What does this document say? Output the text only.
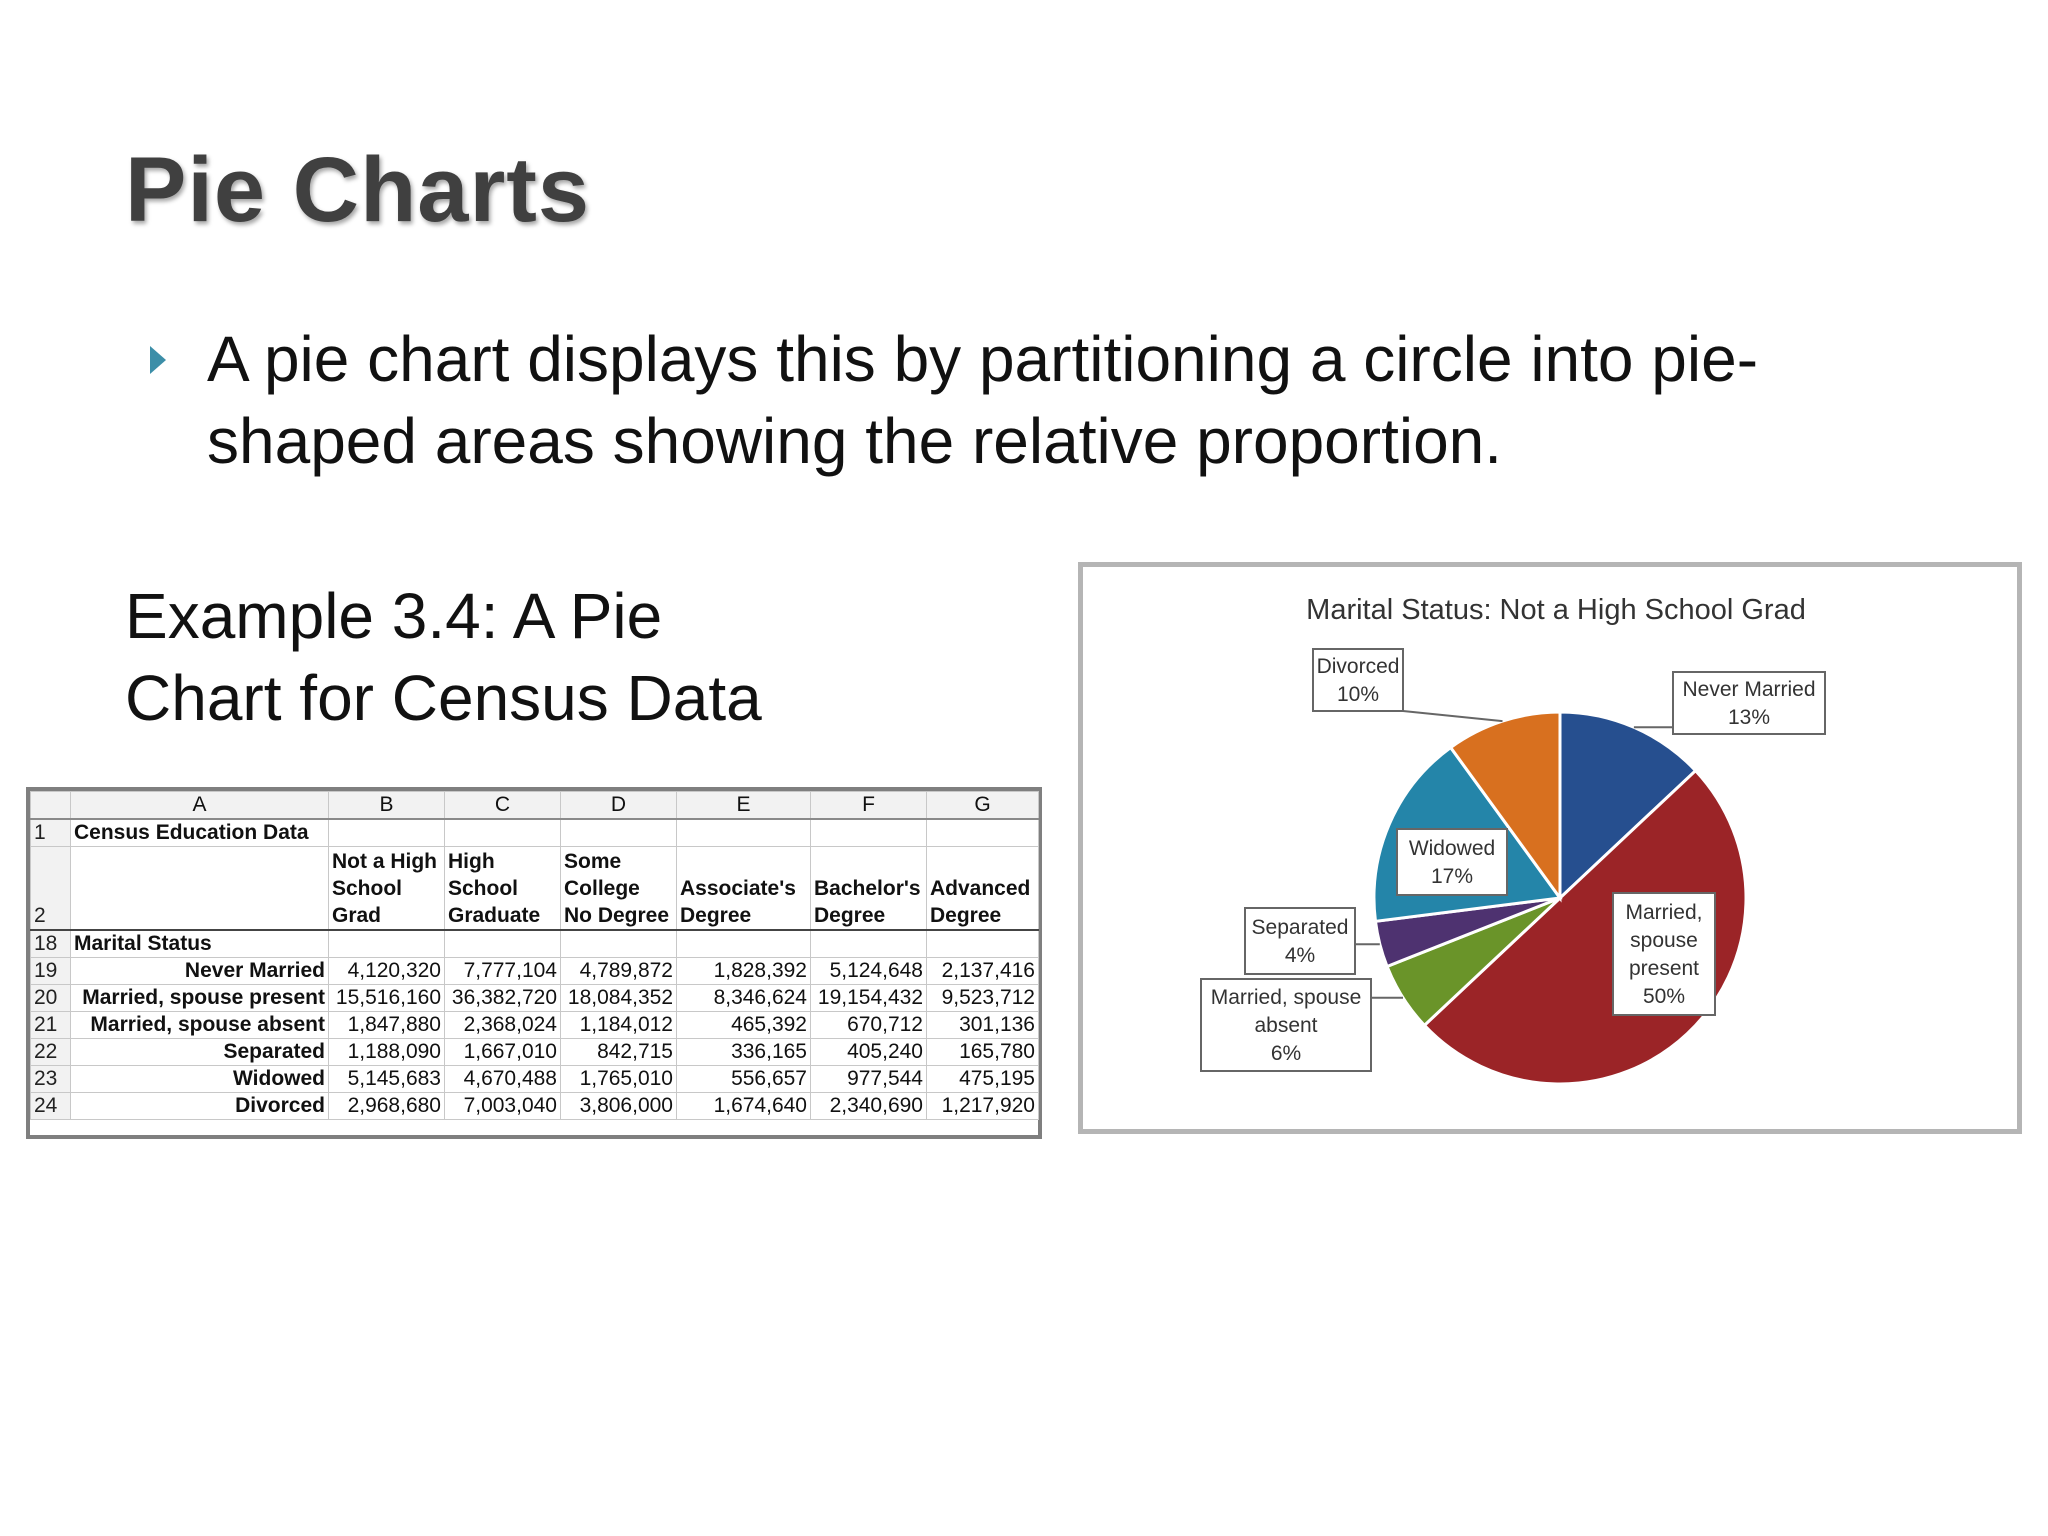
Pie Charts
A pie chart displays this by partitioning a circle into pie-
shaped areas showing the relative proportion.
Example 3.4: A Pie
Chart for Census Data
	A	B	C	D	E	F	G
1	Census Education Data						
2		Not a High School Grad	High School Graduate	Some College No Degree	Associate's Degree	Bachelor's Degree	Advanced Degree
18	Marital Status						
19	Never Married	4,120,320	7,777,104	4,789,872	1,828,392	5,124,648	2,137,416
20	Married, spouse present	15,516,160	36,382,720	18,084,352	8,346,624	19,154,432	9,523,712
21	Married, spouse absent	1,847,880	2,368,024	1,184,012	465,392	670,712	301,136
22	Separated	1,188,090	1,667,010	842,715	336,165	405,240	165,780
23	Widowed	5,145,683	4,670,488	1,765,010	556,657	977,544	475,195
24	Divorced	2,968,680	7,003,040	3,806,000	1,674,640	2,340,690	1,217,920
Marital Status: Not a High School Grad
Never Married
13%
Married,
spouse
present
50%
Married, spouse
absent
6%
Separated
4%
Widowed
17%
Divorced
10%
